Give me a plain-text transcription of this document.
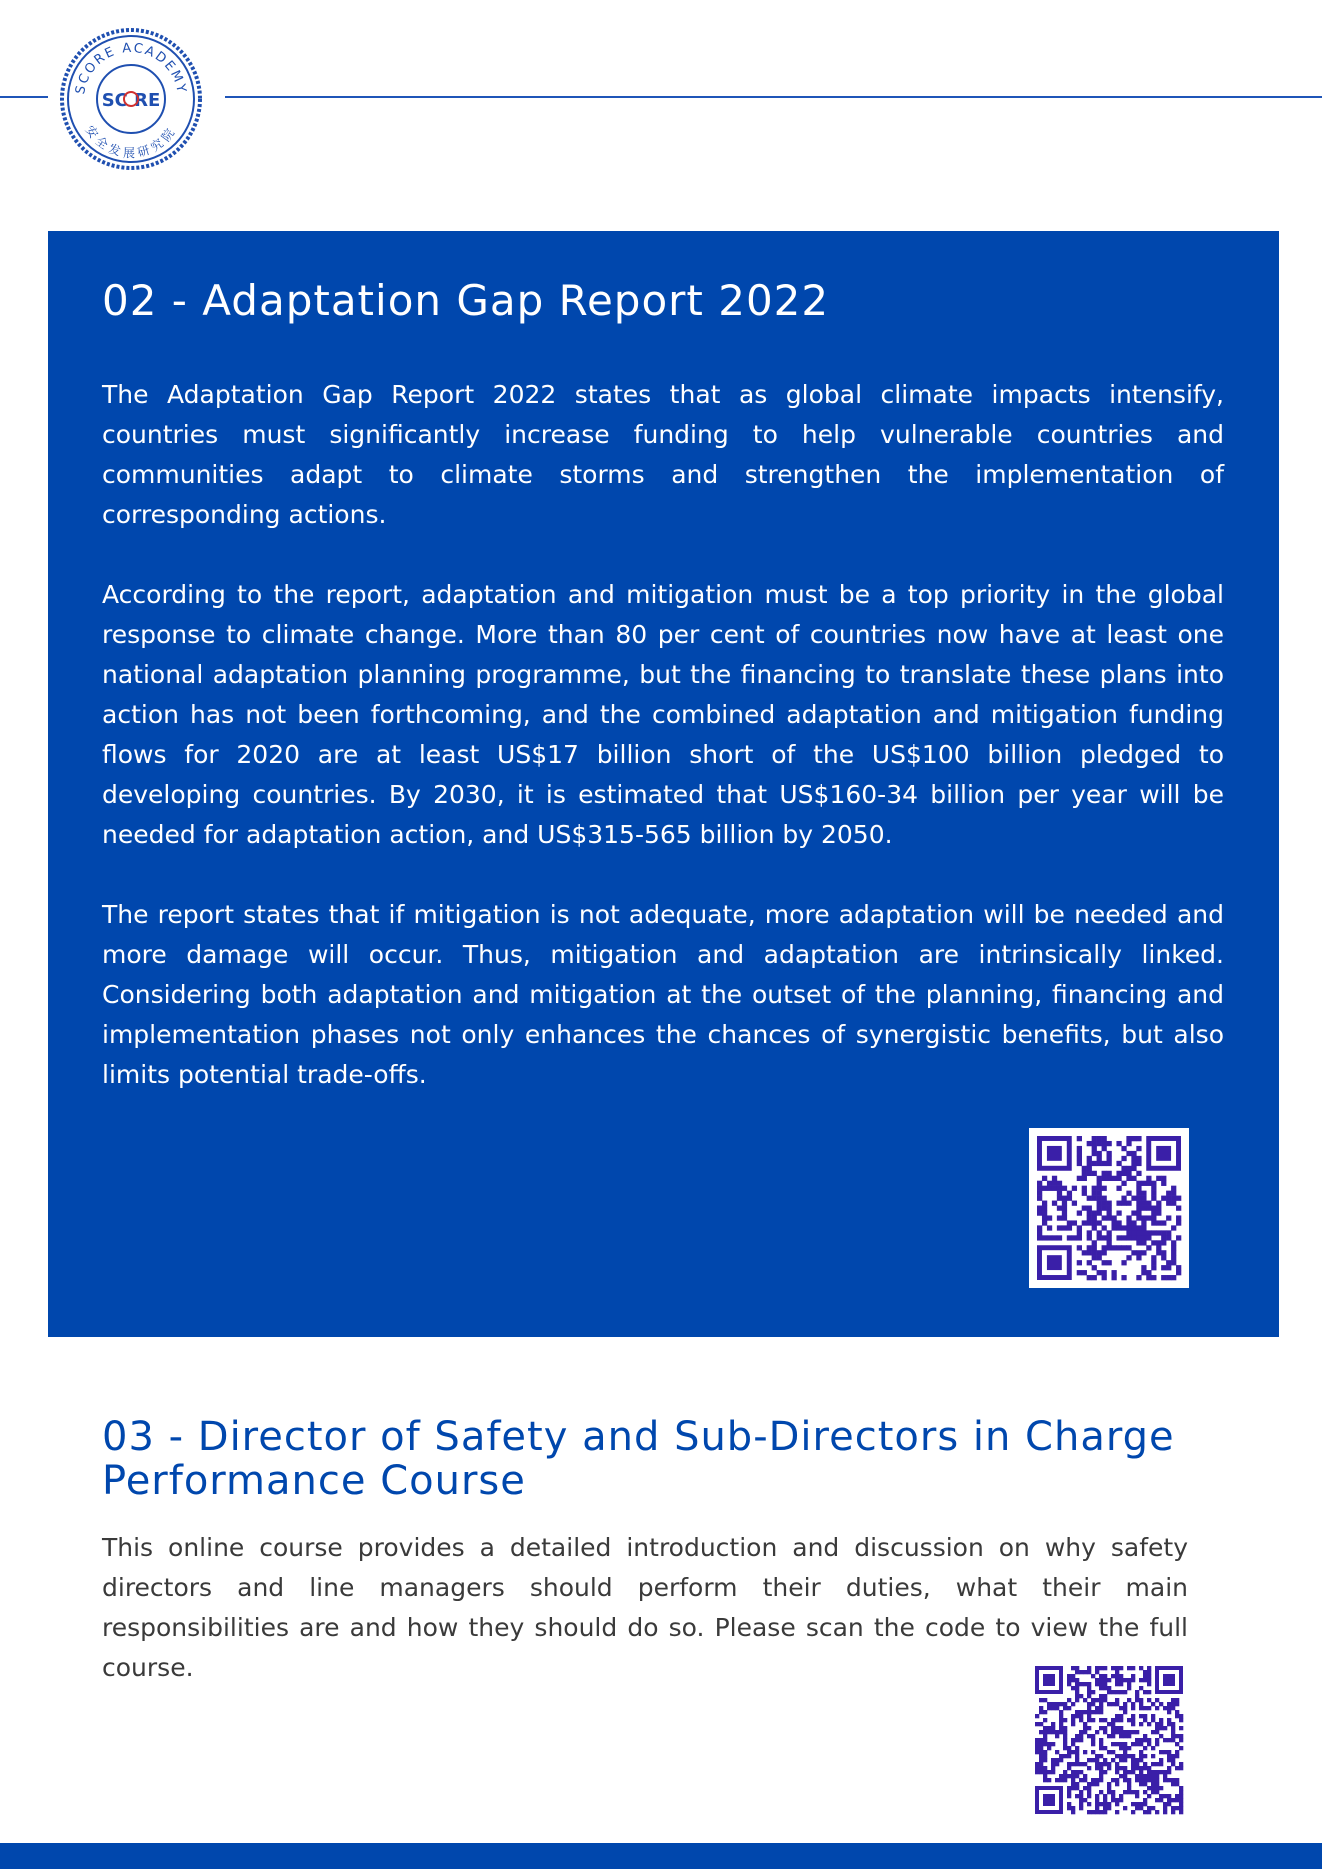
SCORE ACADEMY
安全发展研究院
SC RE
02 - Adaptation Gap Report 2022

The Adaptation Gap Report 2022 states that as global climate impacts intensify, countries must significantly increase funding to help vulnerable countries and communities adapt to climate storms and strengthen the implementation of corresponding actions.

According to the report, adaptation and mitigation must be a top priority in the global response to climate change. More than 80 per cent of countries now have at least one national adaptation planning programme, but the financing to translate these plans into action has not been forthcoming, and the combined adaptation and mitigation funding flows for 2020 are at least US$17 billion short of the US$100 billion pledged to developing countries. By 2030, it is estimated that US$160-34 billion per year will be needed for adaptation action, and US$315-565 billion by 2050.

The report states that if mitigation is not adequate, more adaptation will be needed and more damage will occur. Thus, mitigation and adaptation are intrinsically linked. Considering both adaptation and mitigation at the outset of the planning, financing and implementation phases not only enhances the chances of synergistic benefits, but also limits potential trade-offs.

03 - Director of Safety and Sub-Directors in Charge Performance Course

This online course provides a detailed introduction and discussion on why safety directors and line managers should perform their duties, what their main responsibilities are and how they should do so. Please scan the code to view the full course.
